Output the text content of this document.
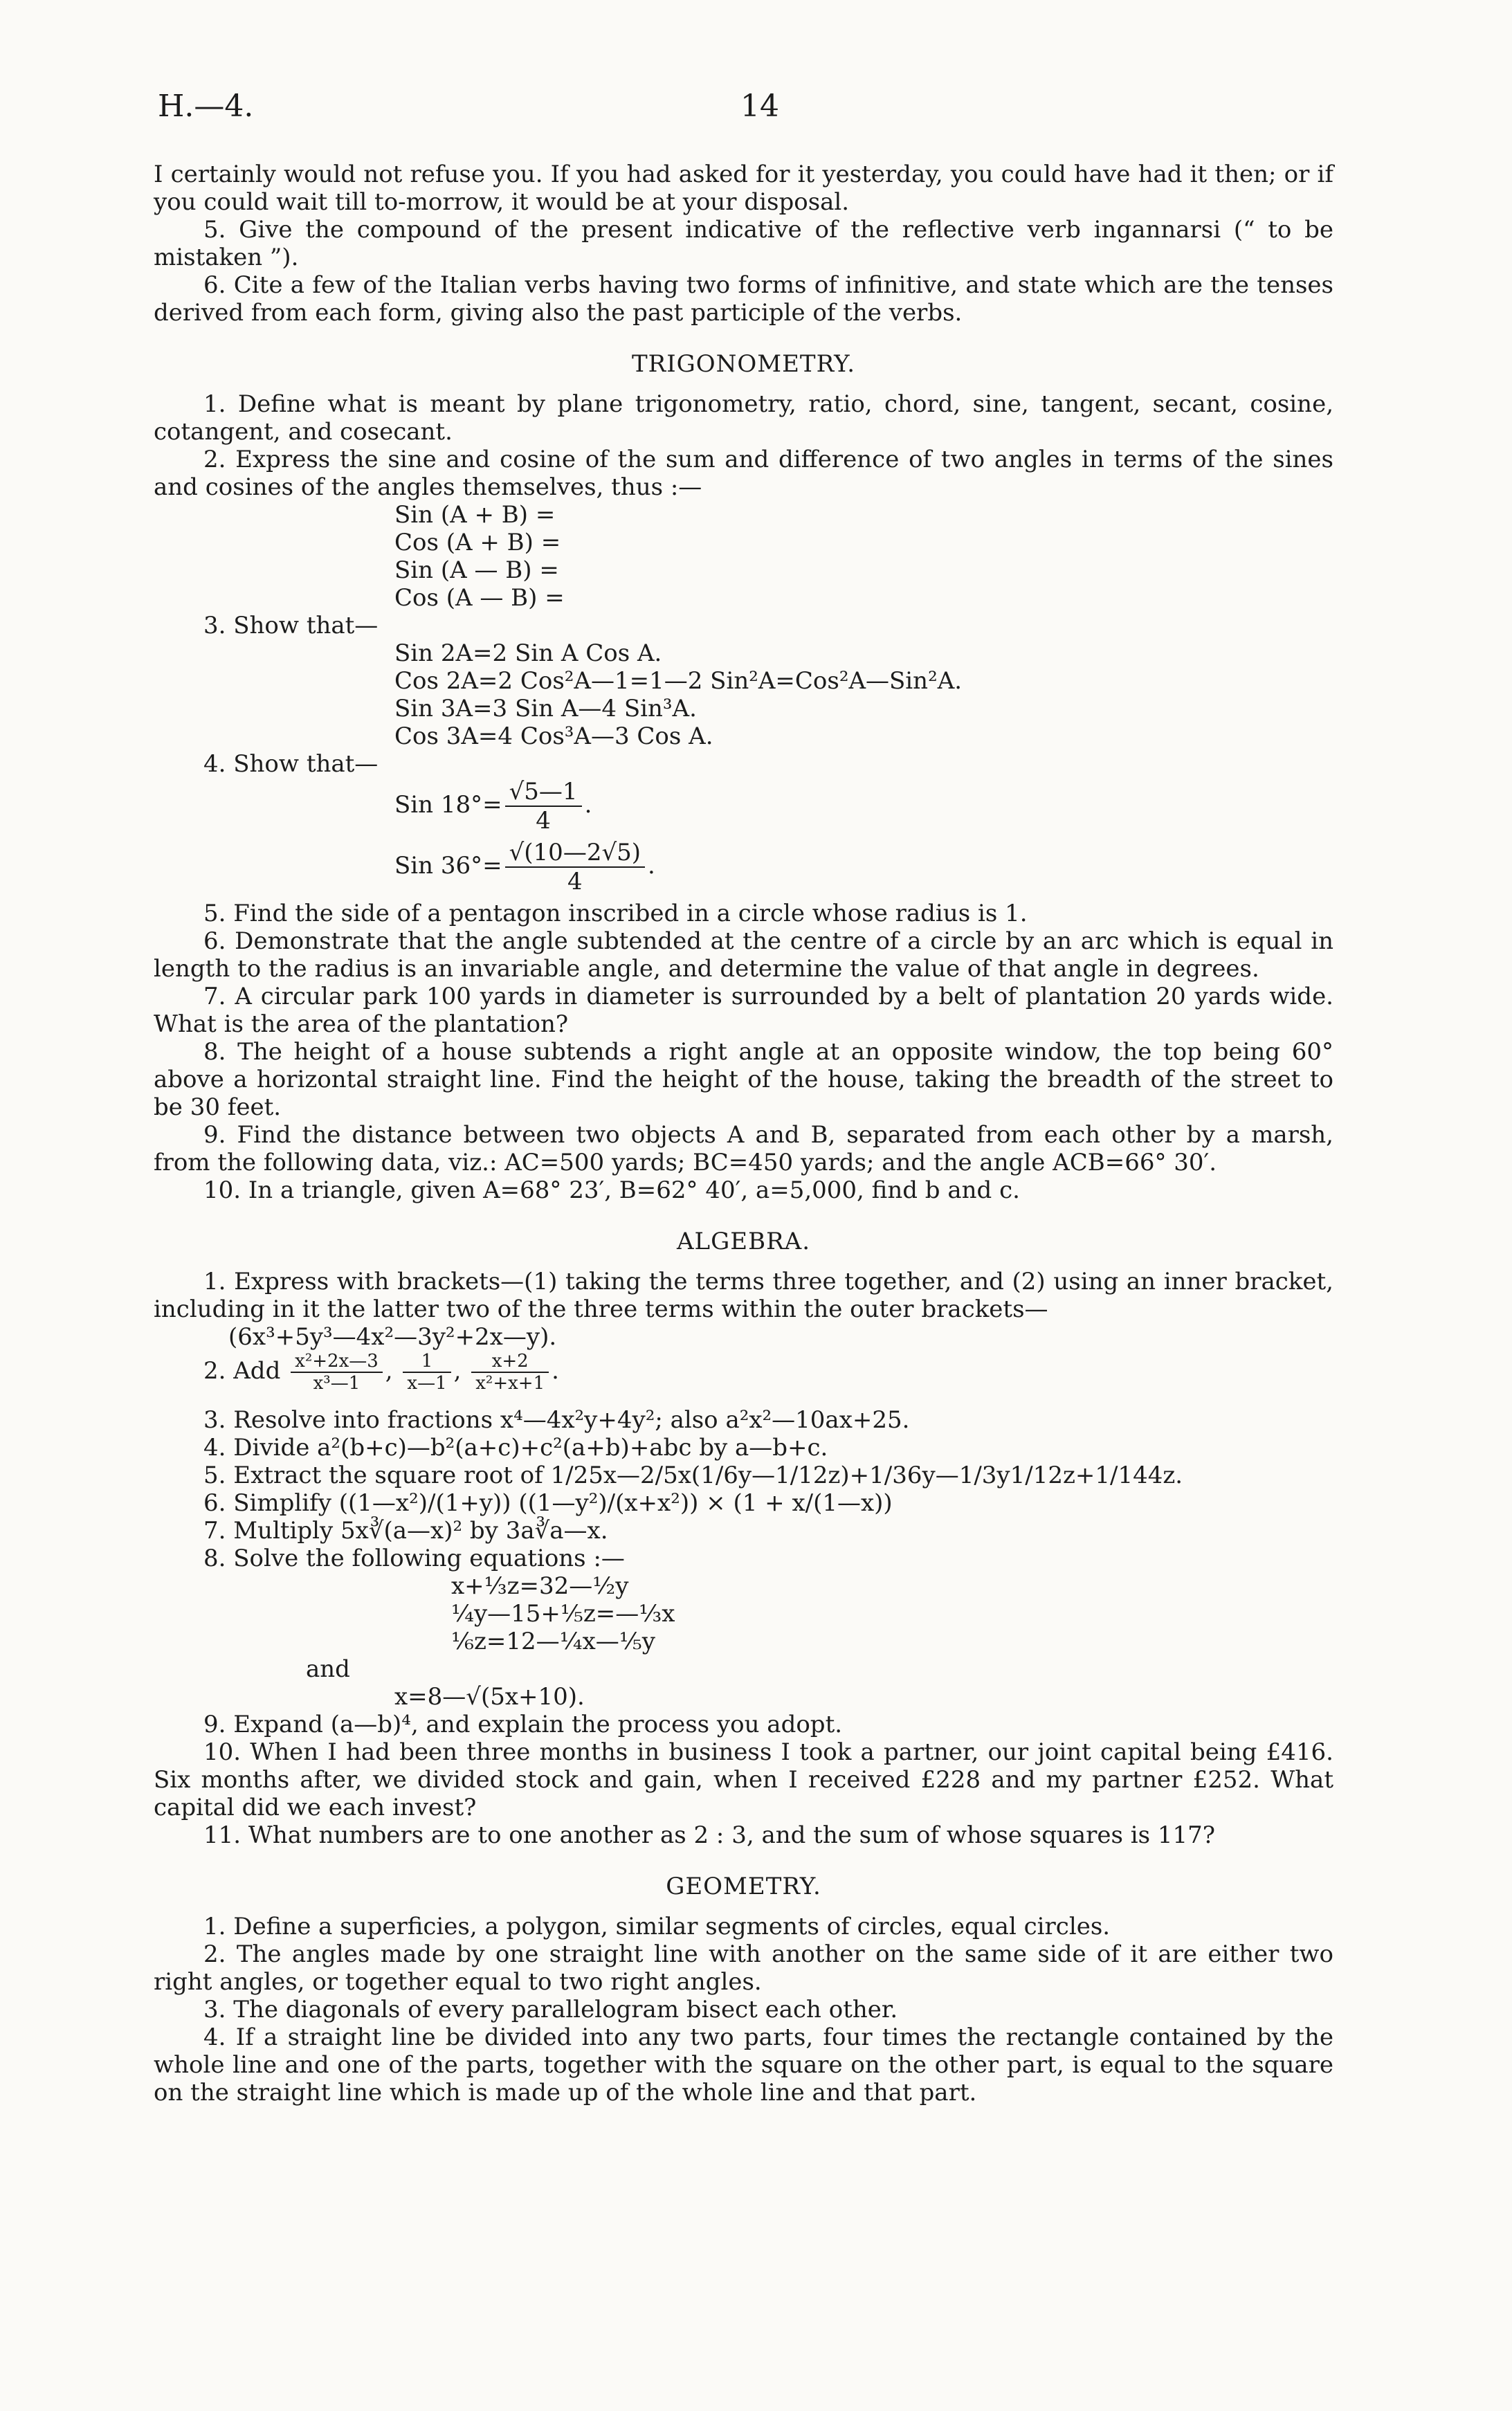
H.—4.	14

I certainly would not refuse you. If you had asked for it yesterday, you could have had it then; or if you could wait till to-morrow, it would be at your disposal.

5. Give the compound of the present indicative of the reflective verb ingannarsi (“ to be mistaken ”).

6. Cite a few of the Italian verbs having two forms of infinitive, and state which are the tenses derived from each form, giving also the past participle of the verbs.

TRIGONOMETRY.

1. Define what is meant by plane trigonometry, ratio, chord, sine, tangent, secant, cosine, cotangent, and cosecant.

2. Express the sine and cosine of the sum and difference of two angles in terms of the sines and cosines of the angles themselves, thus :—

Sin (A + B) =
Cos (A + B) =
Sin (A — B) =
Cos (A — B) =

3. Show that—

Sin 2A=2 Sin A Cos A.
Cos 2A=2 Cos²A—1=1—2 Sin²A=Cos²A—Sin²A.
Sin 3A=3 Sin A—4 Sin³A.
Cos 3A=4 Cos³A—3 Cos A.

4. Show that—

Sin $18^\circ= \frac{√5—1}{4}$ .
Sin $36^\circ= \frac{√(10—2√5)}{4}$ .

5. Find the side of a pentagon inscribed in a circle whose radius is 1.

6. Demonstrate that the angle subtended at the centre of a circle by an arc which is equal in length to the radius is an invariable angle, and determine the value of that angle in degrees.

7. A circular park 100 yards in diameter is surrounded by a belt of plantation 20 yards wide. What is the area of the plantation?

8. The height of a house subtends a right angle at an opposite window, the top being 60° above a horizontal straight line. Find the height of the house, taking the breadth of the street to be 30 feet.

9. Find the distance between two objects A and B, separated from each other by a marsh, from the following data, viz.: AC=500 yards; BC=450 yards; and the angle ACB=66° 30′.

10. In a triangle, given A=68° 23′, B=62° 40′, a=5,000, find b and c.

ALGEBRA.

1. Express with brackets—(1) taking the terms three together, and (2) using an inner bracket, including in it the latter two of the three terms within the outer brackets—

(6x³+5y³—4x²—3y²+2x—y).

2. Add $\frac{\text{x²+2x—3}}{\text{x³—1}}$ , $\frac{1}{x—1}$ , $\frac{x+2}{\text{x²+x+1}}$ .

3. Resolve into fractions x⁴—4x²y+4y²; also a²x²—10ax+25.

4. Divide a²(b+c)—b²(a+c)+c²(a+b)+abc by a—b+c.

5. Extract the square root of 1/25x—2/5x(1/6y—1/12z)+1/36y—1/3y1/12z+1/144z.

6. Simplify ((1—x²)/(1+y)) ((1—y²)/(x+x²)) × (1 + x/(1—x))

7. Multiply 5x∛(a—x)² by 3a∛a—x.

8. Solve the following equations :—

x+⅓z=32—½y
¼y—15+⅕z=—⅓x
⅙z=12—¼x—⅕y

and

x=8—√(5x+10).

9. Expand (a—b)⁴, and explain the process you adopt.

10. When I had been three months in business I took a partner, our joint capital being £416. Six months after, we divided stock and gain, when I received £228 and my partner £252. What capital did we each invest?

11. What numbers are to one another as 2 : 3, and the sum of whose squares is 117?

GEOMETRY.

1. Define a superficies, a polygon, similar segments of circles, equal circles.

2. The angles made by one straight line with another on the same side of it are either two right angles, or together equal to two right angles.

3. The diagonals of every parallelogram bisect each other.

4. If a straight line be divided into any two parts, four times the rectangle contained by the whole line and one of the parts, together with the square on the other part, is equal to the square on the straight line which is made up of the whole line and that part.
